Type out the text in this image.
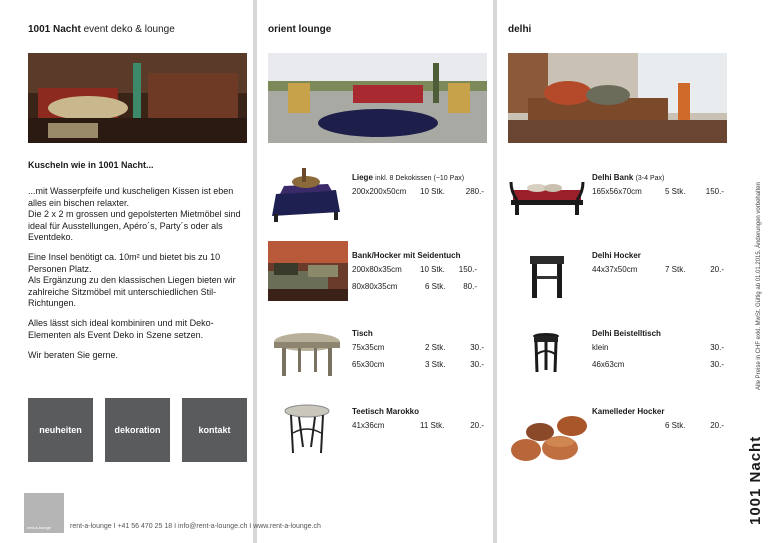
1001 Nacht event deko & lounge	orient lounge	delhi
Kuscheln wie in 1001 Nacht...
...mit Wasserpfeife und kuscheligen Kissen ist eben alles ein bischen relaxter.
Die 2 x 2 m grossen und gepolsterten Mietmöbel sind ideal für Ausstellungen, Apéro´s, Party´s oder als Eventdeko.
Eine Insel benötigt ca. 10m² und bietet bis zu 10 Personen Platz.
Als Ergänzung zu den klassischen Liegen bieten wir zahlreiche Sitzmöbel mit unterschiedlichen Stil-Richtungen.
Alles lässt sich ideal kombiniren und mit Deko-Elementen als Event Deko in Szene setzen.
Wir beraten Sie gerne.
neuheiten	dekoration	kontakt
rent-a-lounge	rent-a-lounge I +41 56 470 25 18 I info@rent-a-lounge.ch I www.rent-a-lounge.ch
1001 Nacht
Alle Preise in CHF exkl. MwSt. Gültig ab 01.01.2015. Änderungen vorbehalten
Liege inkl. 8 Dekokissen (~10 Pax)
200x200x50cm 10 Stk.	280.-
Bank/Hocker mit Seidentuch
200x80x35cm 10 Stk.	150.-
80x80x35cm	6 Stk.	80.-
Tisch
75x35cm	2 Stk.	30.-
65x30cm	3 Stk.	30.-
Teetisch Marokko
41x36cm	11 Stk.	20.-
Delhi Bank (3-4 Pax)
165x56x70cm	5 Stk.	150.-
Delhi Hocker
44x37x50cm	7 Stk.	20.-
Delhi Beistelltisch
klein	30.-
46x63cm	30.-
Kamelleder Hocker
6 Stk.	20.-
